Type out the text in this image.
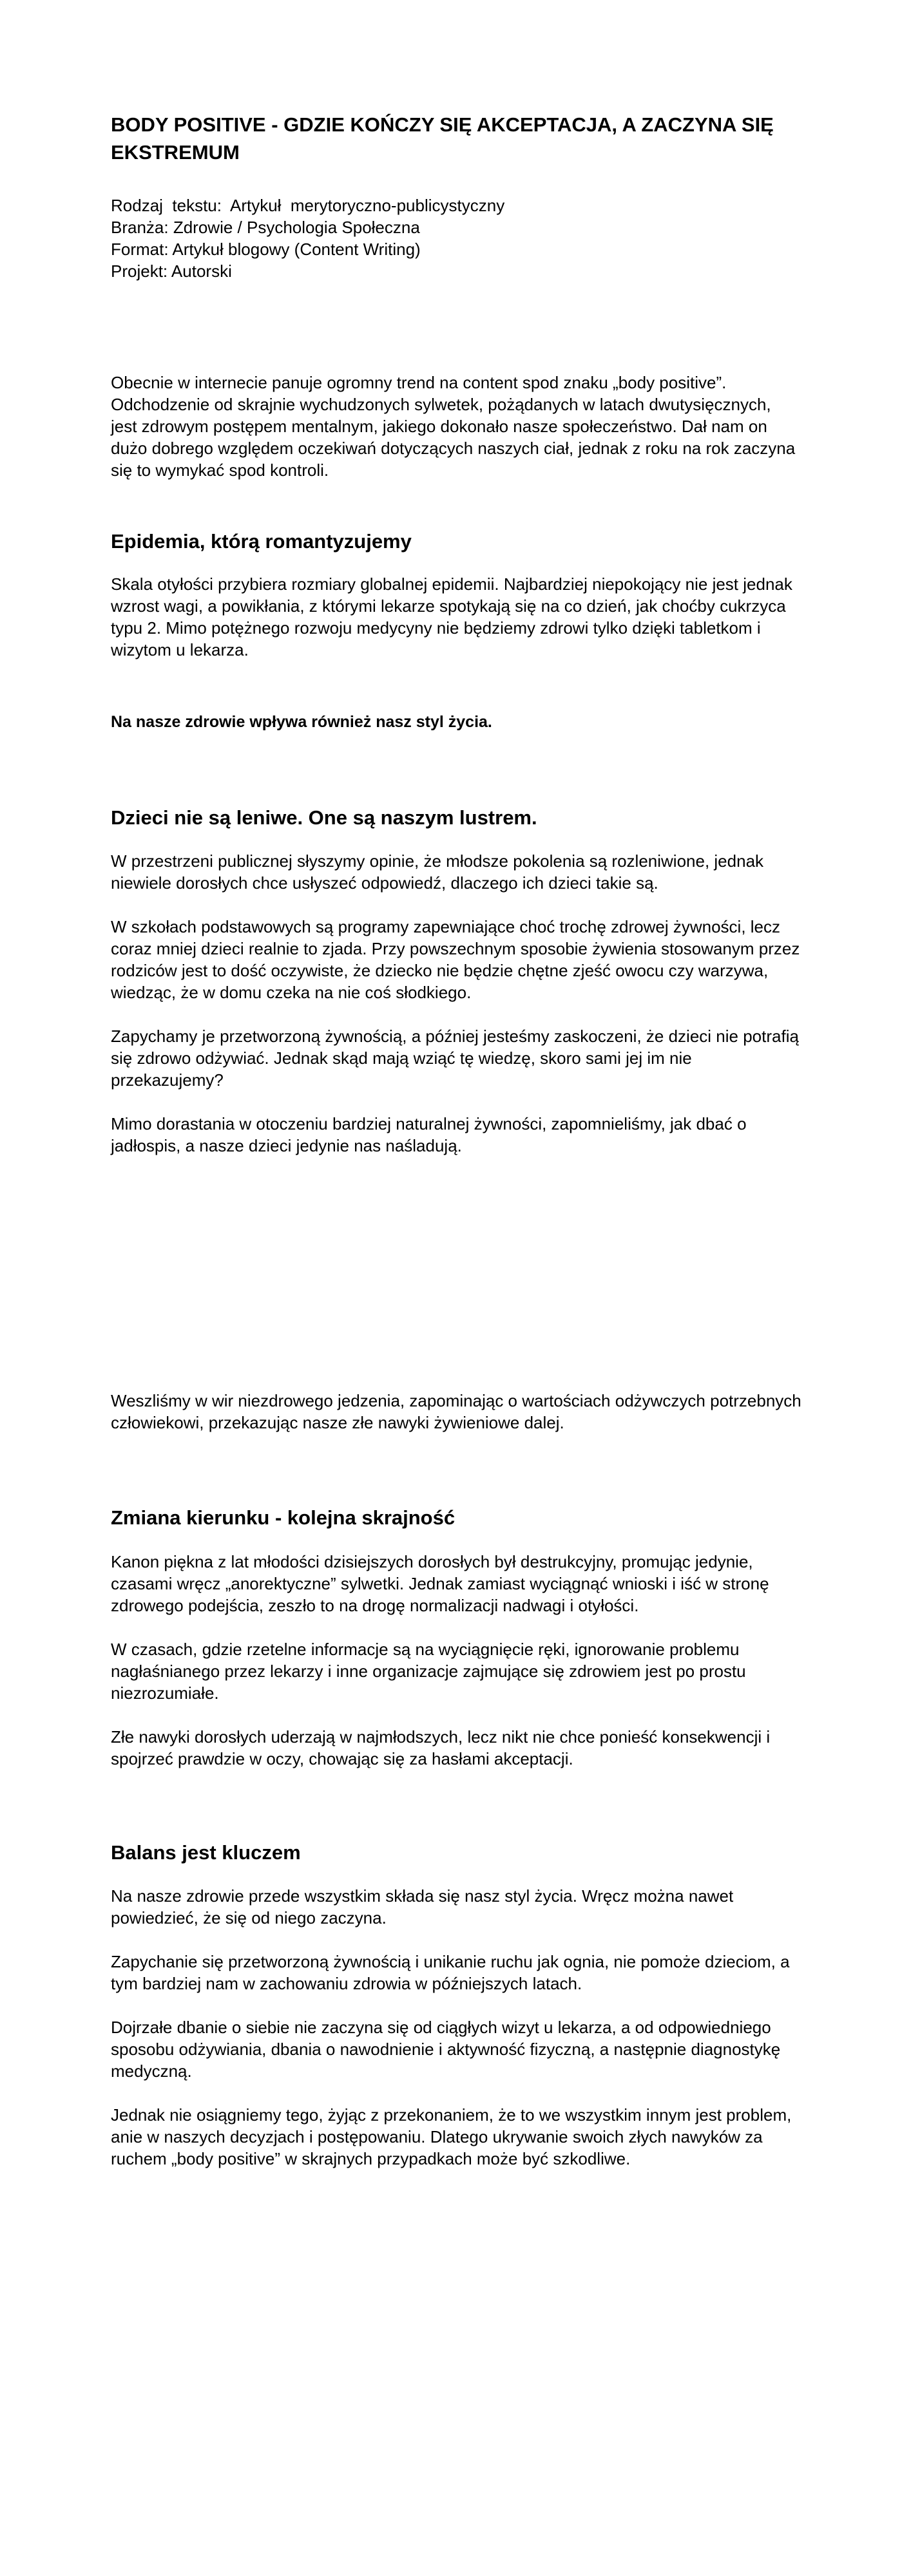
BODY POSITIVE - GDZIE KOŃCZY SIĘ AKCEPTACJA, A ZACZYNA SIĘ EKSTREMUM

Rodzaj  tekstu:  Artykuł  merytoryczno-publicystyczny

Branża: Zdrowie / Psychologia Społeczna

Format: Artykuł blogowy (Content Writing)

Projekt: Autorski

Obecnie w internecie panuje ogromny trend na content spod znaku „body positive”. Odchodzenie od skrajnie wychudzonych sylwetek, pożądanych w latach dwutysięcznych, jest zdrowym postępem mentalnym, jakiego dokonało nasze społeczeństwo. Dał nam on dużo dobrego względem oczekiwań dotyczących naszych ciał, jednak z roku na rok zaczyna się to wymykać spod kontroli.

Epidemia, którą romantyzujemy

Skala otyłości przybiera rozmiary globalnej epidemii. Najbardziej niepokojący nie jest jednak wzrost wagi, a powikłania, z którymi lekarze spotykają się na co dzień, jak choćby cukrzyca typu 2. Mimo potężnego rozwoju medycyny nie będziemy zdrowi tylko dzięki tabletkom i wizytom u lekarza.

Na nasze zdrowie wpływa również nasz styl życia.

Dzieci nie są leniwe. One są naszym lustrem.

W przestrzeni publicznej słyszymy opinie, że młodsze pokolenia są rozleniwione, jednak niewiele dorosłych chce usłyszeć odpowiedź, dlaczego ich dzieci takie są.

W szkołach podstawowych są programy zapewniające choć trochę zdrowej żywności, lecz coraz mniej dzieci realnie to zjada. Przy powszechnym sposobie żywienia stosowanym przez rodziców jest to dość oczywiste, że dziecko nie będzie chętne zjeść owocu czy warzywa, wiedząc, że w domu czeka na nie coś słodkiego.

Zapychamy je przetworzoną żywnością, a później jesteśmy zaskoczeni, że dzieci nie potrafią się zdrowo odżywiać. Jednak skąd mają wziąć tę wiedzę, skoro sami jej im nie przekazujemy?

Mimo dorastania w otoczeniu bardziej naturalnej żywności, zapomnieliśmy, jak dbać o jadłospis, a nasze dzieci jedynie nas naśladują.

Weszliśmy w wir niezdrowego jedzenia, zapominając o wartościach odżywczych potrzebnych człowiekowi, przekazując nasze złe nawyki żywieniowe dalej.

Zmiana kierunku - kolejna skrajność

Kanon piękna z lat młodości dzisiejszych dorosłych był destrukcyjny, promując jedynie, czasami wręcz „anorektyczne” sylwetki. Jednak zamiast wyciągnąć wnioski i iść w stronę zdrowego podejścia, zeszło to na drogę normalizacji nadwagi i otyłości.

W czasach, gdzie rzetelne informacje są na wyciągnięcie ręki, ignorowanie problemu nagłaśnianego przez lekarzy i inne organizacje zajmujące się zdrowiem jest po prostu niezrozumiałe.

Złe nawyki dorosłych uderzają w najmłodszych, lecz nikt nie chce ponieść konsekwencji i spojrzeć prawdzie w oczy, chowając się za hasłami akceptacji.

Balans jest kluczem

Na nasze zdrowie przede wszystkim składa się nasz styl życia. Wręcz można nawet powiedzieć, że się od niego zaczyna.

Zapychanie się przetworzoną żywnością i unikanie ruchu jak ognia, nie pomoże dzieciom, a tym bardziej nam w zachowaniu zdrowia w późniejszych latach.

Dojrzałe dbanie o siebie nie zaczyna się od ciągłych wizyt u lekarza, a od odpowiedniego sposobu odżywiania, dbania o nawodnienie i aktywność fizyczną, a następnie diagnostykę medyczną.

Jednak nie osiągniemy tego, żyjąc z przekonaniem, że to we wszystkim innym jest problem, anie w naszych decyzjach i postępowaniu. Dlatego ukrywanie swoich złych nawyków za ruchem „body positive” w skrajnych przypadkach może być szkodliwe.
